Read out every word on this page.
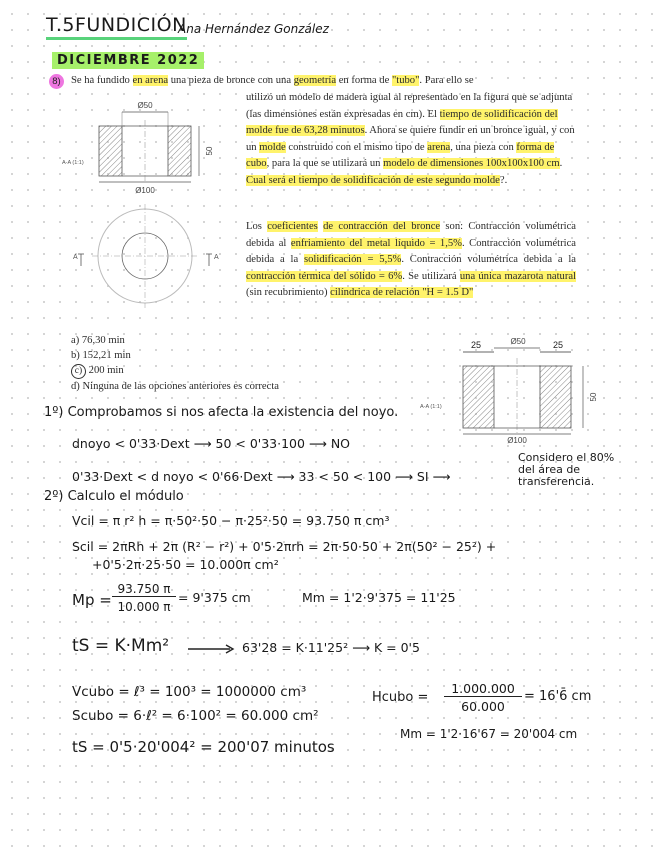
T.5FUNDICIÓN
Ana Hernández González
DICIEMBRE 2022
8) Se ha fundido en arena una pieza de bronce con una geometría en forma de "tubo". Para ello se
utilizó un modelo de madera igual al representado en la figura que se adjunta (las dimensiones están expresadas en cm). El tiempo de solidificación del molde fue de 63,28 minutos. Ahora se quiere fundir en un bronce igual, y con un molde construido con el mismo tipo de arena, una pieza con forma de cubo, para la que se utilizará un modelo de dimensiones 100x100x100 cm. Cual será el tiempo de solidificación de este segundo molde?.
Los coeficientes de contracción del bronce son: Contracción volumétrica debida al enfriamiento del metal líquido = 1,5%. Contracción volumétrica debida a la solidificación = 5,5%. Contracción volumétrica debida a la contracción térmica del sólido = 6%. Se utilizará una única mazarota natural (sin recubrimiento) cilíndrica de relación "H = 1.5 D"
Ø50
50
Ø100
A-A (1:1)
A	A
a) 76,30 min
b) 152,21 min
c) 200 min
d) Ninguna de las opciones anteriores es correcta
25	Ø50	25
50
Ø100
A-A (1:1)
1º) Comprobamos si nos afecta la existencia del noyo.
dnoyo < 0'33·Dext ⟶ 50 < 0'33·100 ⟶ NO
0'33·Dext < d noyo < 0'66·Dext ⟶ 33 < 50 < 100 ⟶ SI ⟶
Considero el 80% del área de transferencia.
2º) Calculo el módulo
Vcil = π r² h = π·50²·50 − π·25²·50 = 93.750 π cm³
Scil = 2πRh + 2π (R² − r²) + 0'5·2πrh = 2π·50·50 + 2π(50² − 25²) +
+0'5·2π·25·50 = 10.000π cm²
Mp =
93.750 π
10.000 π
= 9'375 cm	Mm = 1'2·9'375 = 11'25
tS = K·Mm²	63'28 = K·11'25² ⟶ K = 0'5
Vcubo = ℓ³ = 100³ = 1000000 cm³
Scubo = 6·ℓ² = 6·100² = 60.000 cm²
Hcubo =
1.000.000
60.000
= 16'6̄ cm
Mm = 1'2·16'67 = 20'004 cm
tS = 0'5·20'004² = 200'07 minutos
